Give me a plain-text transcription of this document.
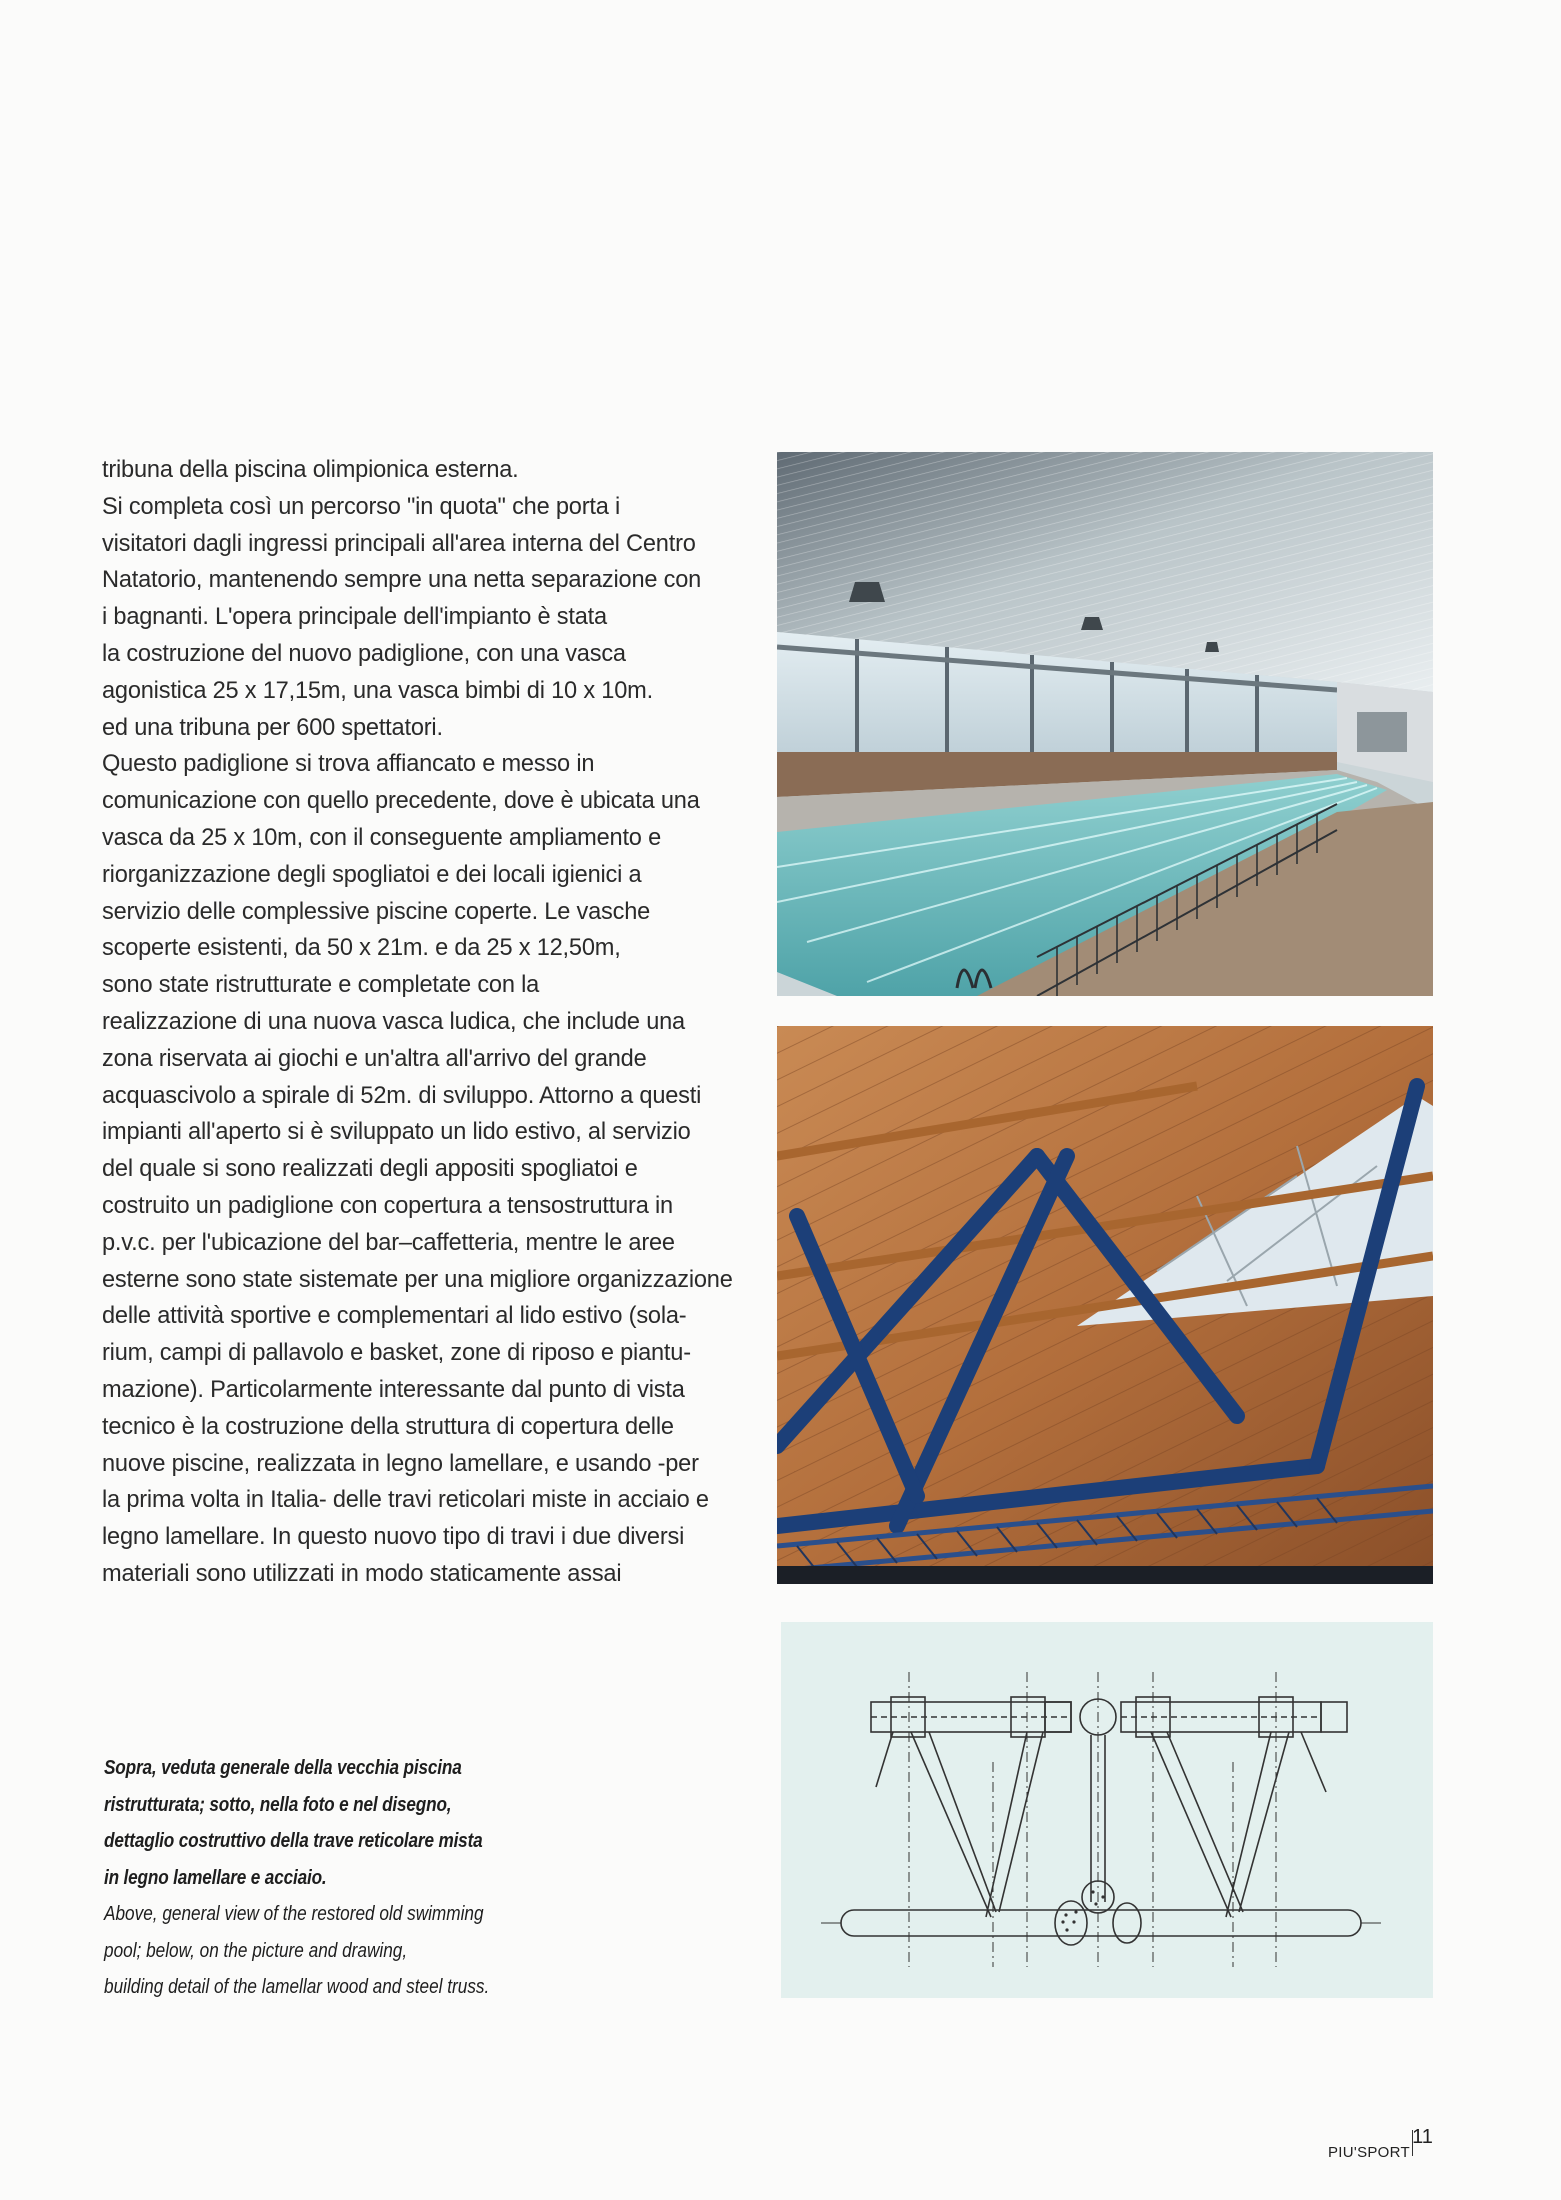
tribuna della piscina olimpionica esterna.
Si completa così un percorso "in quota" che porta i
visitatori dagli ingressi principali all'area interna del Centro
Natatorio, mantenendo sempre una netta separazione con
i bagnanti. L'opera principale dell'impianto è stata
la costruzione del nuovo padiglione, con una vasca
agonistica 25 x 17,15m, una vasca bimbi di 10 x 10m.
ed una tribuna per 600 spettatori.
Questo padiglione si trova affiancato e messo in
comunicazione con quello precedente, dove è ubicata una
vasca da 25 x 10m, con il conseguente ampliamento e
riorganizzazione degli spogliatoi e dei locali igienici a
servizio delle complessive piscine coperte. Le vasche
scoperte esistenti, da 50 x 21m. e da 25 x 12,50m,
sono state ristrutturate e completate con la
realizzazione di una nuova vasca ludica, che include una
zona riservata ai giochi e un'altra all'arrivo del grande
acquascivolo a spirale di 52m. di sviluppo. Attorno a questi
impianti all'aperto si è sviluppato un lido estivo, al servizio
del quale si sono realizzati degli appositi spogliatoi e
costruito un padiglione con copertura a tensostruttura in
p.v.c. per l'ubicazione del bar–caffetteria, mentre le aree
esterne sono state sistemate per una migliore organizzazione
delle attività sportive e complementari al lido estivo (sola-
rium, campi di pallavolo e basket, zone di riposo e piantu-
mazione). Particolarmente interessante dal punto di vista
tecnico è la costruzione della struttura di copertura delle
nuove piscine, realizzata in legno lamellare, e usando -per
la prima volta in Italia- delle travi reticolari miste in acciaio e
legno lamellare. In questo nuovo tipo di travi i due diversi
materiali sono utilizzati in modo staticamente assai
Sopra, veduta generale della vecchia piscina
ristrutturata; sotto, nella foto e nel disegno,
dettaglio costruttivo della trave reticolare mista
in legno lamellare e acciaio.
Above, general view of the restored old swimming
pool; below, on the picture and drawing,
building detail of the lamellar wood and steel truss.
PIU'SPORT
11
